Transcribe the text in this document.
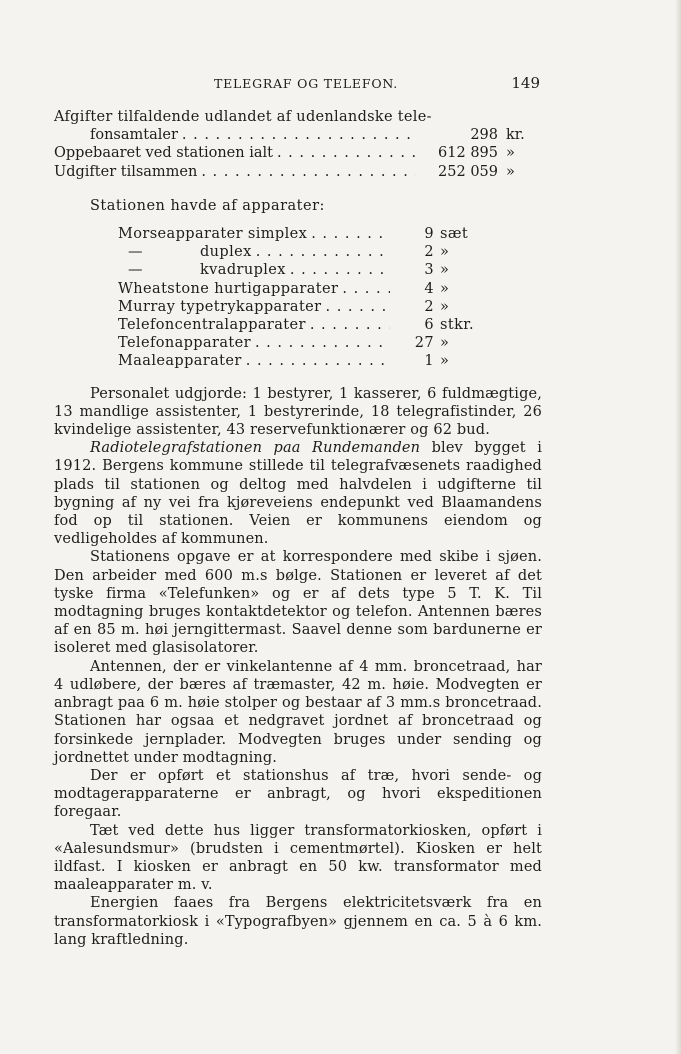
TELEGRAF OG TELEFON.	149
Afgifter tilfaldende udlandet af udenlandske tele-
fonsamtaler . . .	298 kr.
Oppebaaret ved stationen ialt . . .	612 895 »
Udgifter tilsammen . . .	252 059 »
Stationen havde af apparater:
Morseapparater simplex . . .	9 sæt
—	duplex . . .	2 »
—	kvadruplex . . .	3 »
Wheatstone hurtigapparater . . .	4 »
Murray typetrykapparater . . .	2 »
Telefoncentralapparater . . .	6 stkr.
Telefonapparater . . .	27 »
Maaleapparater . . .	1 »

Personalet udgjorde: 1 bestyrer, 1 kasserer, 6 fuldmægtige, 13 mandlige assistenter, 1 bestyrerinde, 18 telegrafistinder, 26 kvindelige assistenter, 43 reservefunktionærer og 62 bud.

Radiotelegrafstationen paa Rundemanden blev bygget i 1912. Bergens kommune stillede til telegrafvæsenets raadighed plads til stationen og deltog med halvdelen i udgifterne til bygning af ny vei fra kjøreveiens endepunkt ved Blaamandens fod op til stationen. Veien er kommunens eiendom og vedligeholdes af kommunen.

Stationens opgave er at korrespondere med skibe i sjøen. Den arbeider med 600 m.s bølge. Stationen er leveret af det tyske firma «Telefunken» og er af dets type 5 T. K. Til modtagning bruges kontaktdetektor og telefon. Antennen bæres af en 85 m. høi jerngittermast. Saavel denne som bardunerne er isoleret med glasisolatorer.

Antennen, der er vinkelantenne af 4 mm. broncetraad, har 4 udløbere, der bæres af træmaster, 42 m. høie. Modvegten er anbragt paa 6 m. høie stolper og bestaar af 3 mm.s broncetraad. Stationen har ogsaa et nedgravet jordnet af broncetraad og forsinkede jernplader. Modvegten bruges under sending og jordnettet under modtagning.

Der er opført et stationshus af træ, hvori sende- og modtagerapparaterne er anbragt, og hvori ekspeditionen foregaar.

Tæt ved dette hus ligger transformatorkiosken, opført i «Aalesundsmur» (brudsten i cementmørtel). Kiosken er helt ildfast. I kiosken er anbragt en 50 kw. transformator med maaleapparater m. v.

Energien faaes fra Bergens elektricitetsværk fra en transformatorkiosk i «Typografbyen» gjennem en ca. 5 à 6 km. lang kraftledning.
